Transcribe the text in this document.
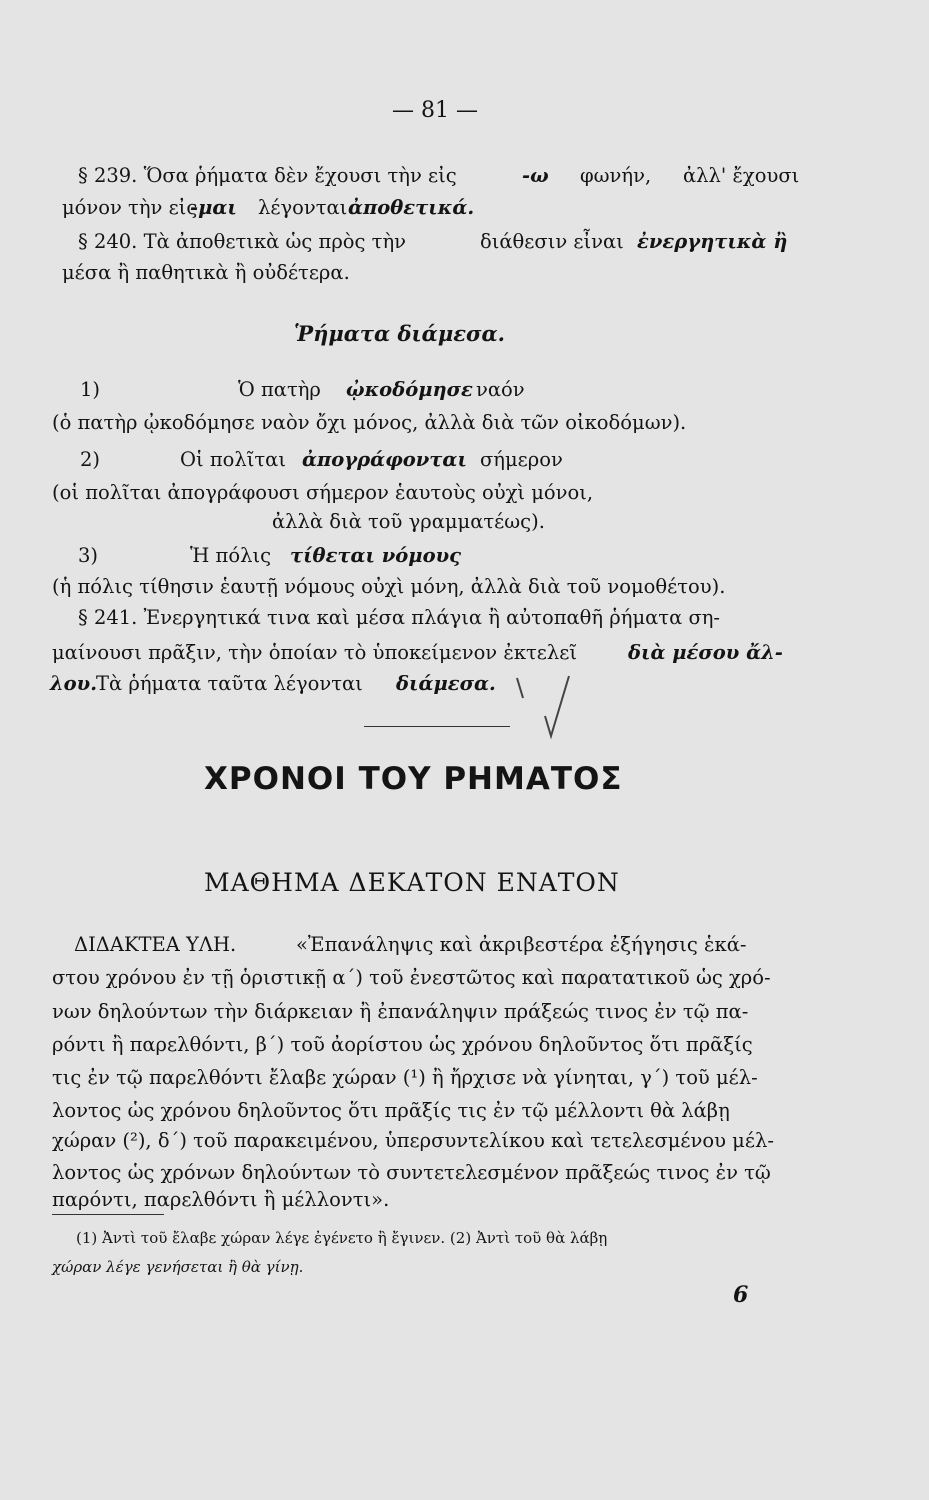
— 81 —
§ 239. Ὅσα ῥήματα δὲν ἔχουσι τὴν εἰς	-ω φωνήν, ἀλλ' ἔχουσι
μόνον τὴν εἰς
-μαι λέγονται ἀποθετικά.
§ 240. Τὰ ἀποθετικὰ ὡς πρὸς τὴν	διάθεσιν εἶναι ἐνεργητικὰ ἢ
μέσα ἢ παθητικὰ ἢ οὐδέτερα.
Ῥήματα διάμεσα.
1)	Ὁ πατὴρ ᾠκοδόμησε ναόν
(ὁ πατὴρ ᾠκοδόμησε ναὸν ὄχι μόνος, ἀλλὰ διὰ τῶν οἰκοδόμων).
2)	Οἱ πολῖται ἀπογράφονται σήμερον
(οἱ πολῖται ἀπογράφουσι σήμερον ἑαυτοὺς οὐχὶ μόνοι,
ἀλλὰ διὰ τοῦ γραμματέως).
3)	Ἡ πόλις τίθεται νόμους
(ἡ πόλις τίθησιν ἑαυτῇ νόμους οὐχὶ μόνη, ἀλλὰ διὰ τοῦ νομοθέτου).
§ 241. Ἐνεργητικά τινα καὶ μέσα πλάγια ἢ αὐτοπαθῆ ῥήματα ση-
μαίνουσι πρᾶξιν, τὴν ὁποίαν τὸ ὑποκείμενον ἐκτελεῖ	διὰ μέσου ἄλ-
λου. Τὰ ῥήματα ταῦτα λέγονται διάμεσα.
ΧΡΟΝΟΙ ΤΟΥ ΡΗΜΑΤΟΣ
ΜΑΘΗΜΑ ΔΕΚΑΤΟΝ ΕΝΑΤΟΝ
ΔΙΔΑΚΤΕΑ ΥΛΗ.	«Ἐπανάληψις καὶ ἀκριβεστέρα ἐξήγησις ἑκά-
στου χρόνου ἐν τῇ ὁριστικῇ α΄) τοῦ ἐνεστῶτος καὶ παρατατικοῦ ὡς χρό-
νων δηλούντων τὴν διάρκειαν ἢ ἐπανάληψιν πράξεώς τινος ἐν τῷ πα-
ρόντι ἢ παρελθόντι, β΄) τοῦ ἀορίστου ὡς χρόνου δηλοῦντος ὅτι πρᾶξίς
τις ἐν τῷ παρελθόντι ἔλαβε χώραν (¹) ἢ ἤρχισε νὰ γίνηται, γ΄) τοῦ μέλ-
λοντος ὡς χρόνου δηλοῦντος ὅτι πρᾶξίς τις ἐν τῷ μέλλοντι θὰ λάβῃ
χώραν (²), δ΄) τοῦ παρακειμένου, ὑπερσυντελίκου καὶ τετελεσμένου μέλ-
λοντος ὡς χρόνων δηλούντων τὸ συντετελεσμένον πρᾶξεώς τινος ἐν τῷ
παρόντι, παρελθόντι ἢ μέλλοντι».
(1) Ἀντὶ τοῦ ἔλαβε χώραν λέγε ἐγένετο ἢ ἔγινεν. (2) Ἀντὶ τοῦ θὰ λάβῃ
χώραν λέγε γενήσεται ἢ θὰ γίνῃ.
6
